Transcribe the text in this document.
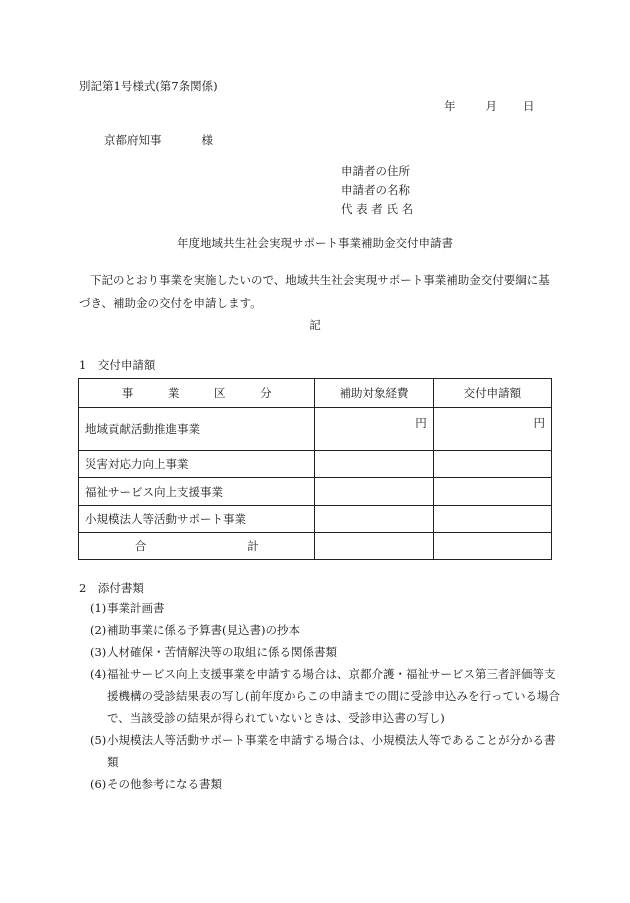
別記第1号様式(第7条関係)
年	月 日
京都府知事	様
申請者の住所
申請者の名称
代 表 者 氏 名
年度地域共生社会実現サポート事業補助金交付申請書
下記のとおり事業を実施したいので、地域共生社会実現サポート事業補助金交付要綱に基づき、補助金の交付を申請します。
記
1　交付申請額
事 業 区 分	補助対象経費	交付申請額
地域貢献活動推進事業	円	円
災害対応力向上事業		
福祉サービス向上支援事業		
小規模法人等活動サポート事業		

合 計		

2　添付書類
(1) 事業計画書
(2) 補助事業に係る予算書(見込書)の抄本
(3) 人材確保・苦情解決等の取組に係る関係書類
(4) 福祉サービス向上支援事業を申請する場合は、京都介護・福祉サービス第三者評価等支援機構の受診結果表の写し(前年度からこの申請までの間に受診申込みを行っている場合で、当該受診の結果が得られていないときは、受診申込書の写し)
(5) 小規模法人等活動サポート事業を申請する場合は、小規模法人等であることが分かる書類
(6) その他参考になる書類
